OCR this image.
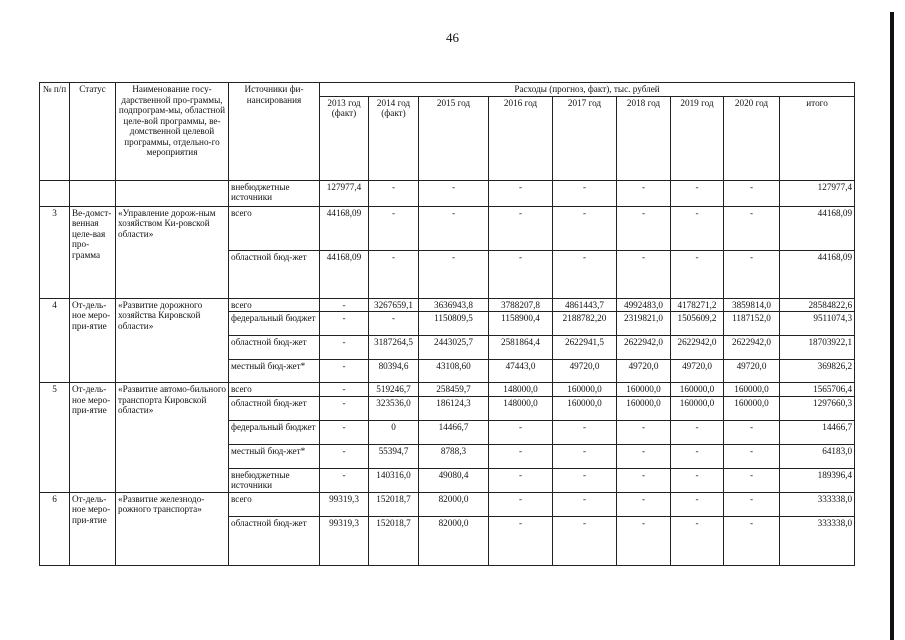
46
№ п/п	Статус	Наименование госу-дарственной про-граммы, подпрограм-мы, областной целе-вой программы, ве-домственной целевой программы, отдельно-го мероприятия	Источники фи-нансирования	Расходы (прогноз, факт), тыс. рублей								
				2013 год (факт)	2014 год (факт)	2015 год	2016 год	2017 год	2018 год	2019 год	2020 год	итого
			внебюджетные источники	127977,4	-	-	-	-	-	-	-	127977,4
3	Ве-домст-венная целе-вая про-грамма	«Управление дорож-ным хозяйством Ки-ровской области»	всего	44168,09	-	-	-	-	-	-	-	44168,09
			областной бюд-жет	44168,09	-	-	-	-	-	-	-	44168,09
4	От-дель-ное меро-при-ятие	«Развитие дорожного хозяйства Кировской области»	всего	-	3267659,1	3636943,8	3788207,8	4861443,7	4992483,0	4178271,2	3859814,0	28584822,6
			федеральный бюджет	-	-	1150809,5	1158900,4	2188782,20	2319821,0	1505609,2	1187152,0	9511074,3
			областной бюд-жет	-	3187264,5	2443025,7	2581864,4	2622941,5	2622942,0	2622942,0	2622942,0	18703922,1
			местный бюд-жет*	-	80394,6	43108,60	47443,0	49720,0	49720,0	49720,0	49720,0	369826,2
5	От-дель-ное меро-при-ятие	«Развитие автомо-бильного транспорта Кировской области»	всего	-	519246,7	258459,7	148000,0	160000,0	160000,0	160000,0	160000,0	1565706,4
			областной бюд-жет	-	323536,0	186124,3	148000,0	160000,0	160000,0	160000,0	160000,0	1297660,3
			федеральный бюджет	-	0	14466,7	-	-	-	-	-	14466,7
			местный бюд-жет*	-	55394,7	8788,3	-	-	-	-	-	64183,0
			внебюджетные источники	-	140316,0	49080,4	-	-	-	-	-	189396,4
6	От-дель-ное меро-при-ятие	«Развитие железнодо-рожного транспорта»	всего	99319,3	152018,7	82000,0	-	-	-	-	-	333338,0
			областной бюд-жет	99319,3	152018,7	82000,0	-	-	-	-	-	333338,0
